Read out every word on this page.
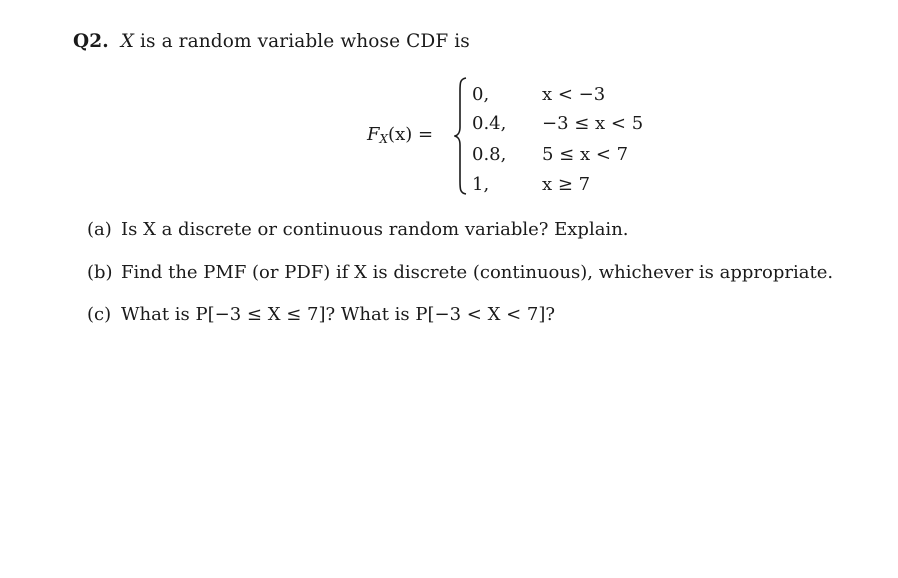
Q2. X is a random variable whose CDF is
$F_X(x)$ =
0,	x < −3
0.4, −3 ≤ x < 5
0.8, 5 ≤ x < 7
1,	x ≥ 7
(a) Is X a discrete or continuous random variable? Explain.
(b) Find the PMF (or PDF) if X is discrete (continuous), whichever is appropriate.
(c) What is P[−3 ≤ X ≤ 7]? What is P[−3 < X < 7]?
